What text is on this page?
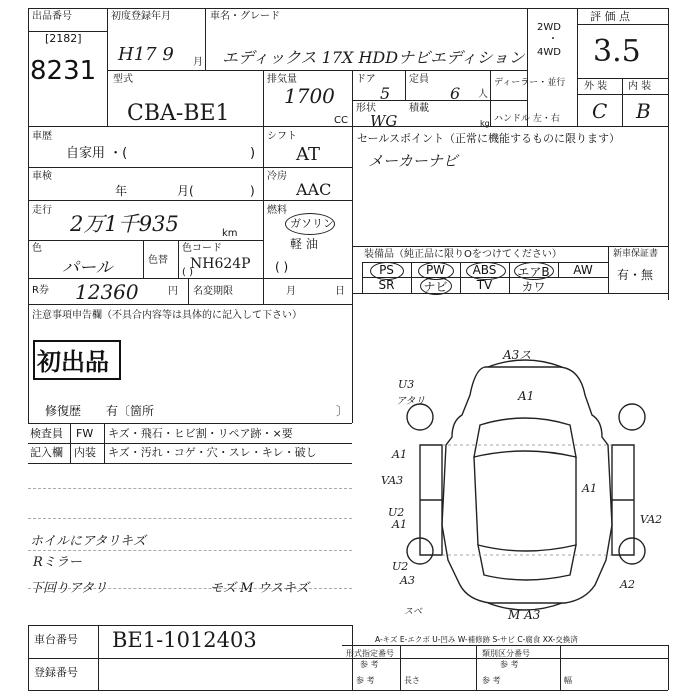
出品番号
[2182]
8231
初度登録年月
H17 9 月
車名・グレード
エディックス 17X HDDナビエディション
2WD
・
4WD
評 価 点
3.5
型式
CBA-BE1
排気量
1700
CC
ドア
5
定員
6 人
形状
WG
積載
kg
ディーラー・並行
ハンドル 左・右
外 装 内 装
C B
車歴
自家用 ・(	)
シフト
AT
車検
年	月(	)
冷房
AAC
走行
2万1千935	km
燃料
ガソリン
軽 油
( )
色
パール	色替
色コード
NH624P
( )
R券 12360	円 名変期限	月	日
注意事項申告欄（不具合内容等は具体的に記入して下さい）
初出品
修復歴 有〔箇所	〕
セールスポイント（正常に機能するものに限ります）
メーカーナビ
装備品（純正品に限りOをつけてください）	新車保証書
有・無
PS	PW	ABS	エアB	AW
SR	ナビ	TV	カワ
検査員
記入欄
FW キズ・飛石・ヒビ割・リペア跡・×要
内装 キズ・汚れ・コゲ・穴・スレ・キレ・破し
ホイルにアタリキズ
Rミラー
下回りアタリ	モズ M ウスキズ
A3ス
A1
U3
アタリ
A1
VA3
A1
U2
A1	VA2
U2
A3	A2
スベ	M A3
A-キズ E-エクボ U-凹み W-補修跡 S-サビ C-腐食 XX-交換済
車台番号 BE1-1012403
登録番号
形式指定番号
参 考
類別区分番号
参 考
参 考	長さ	参 考	幅
